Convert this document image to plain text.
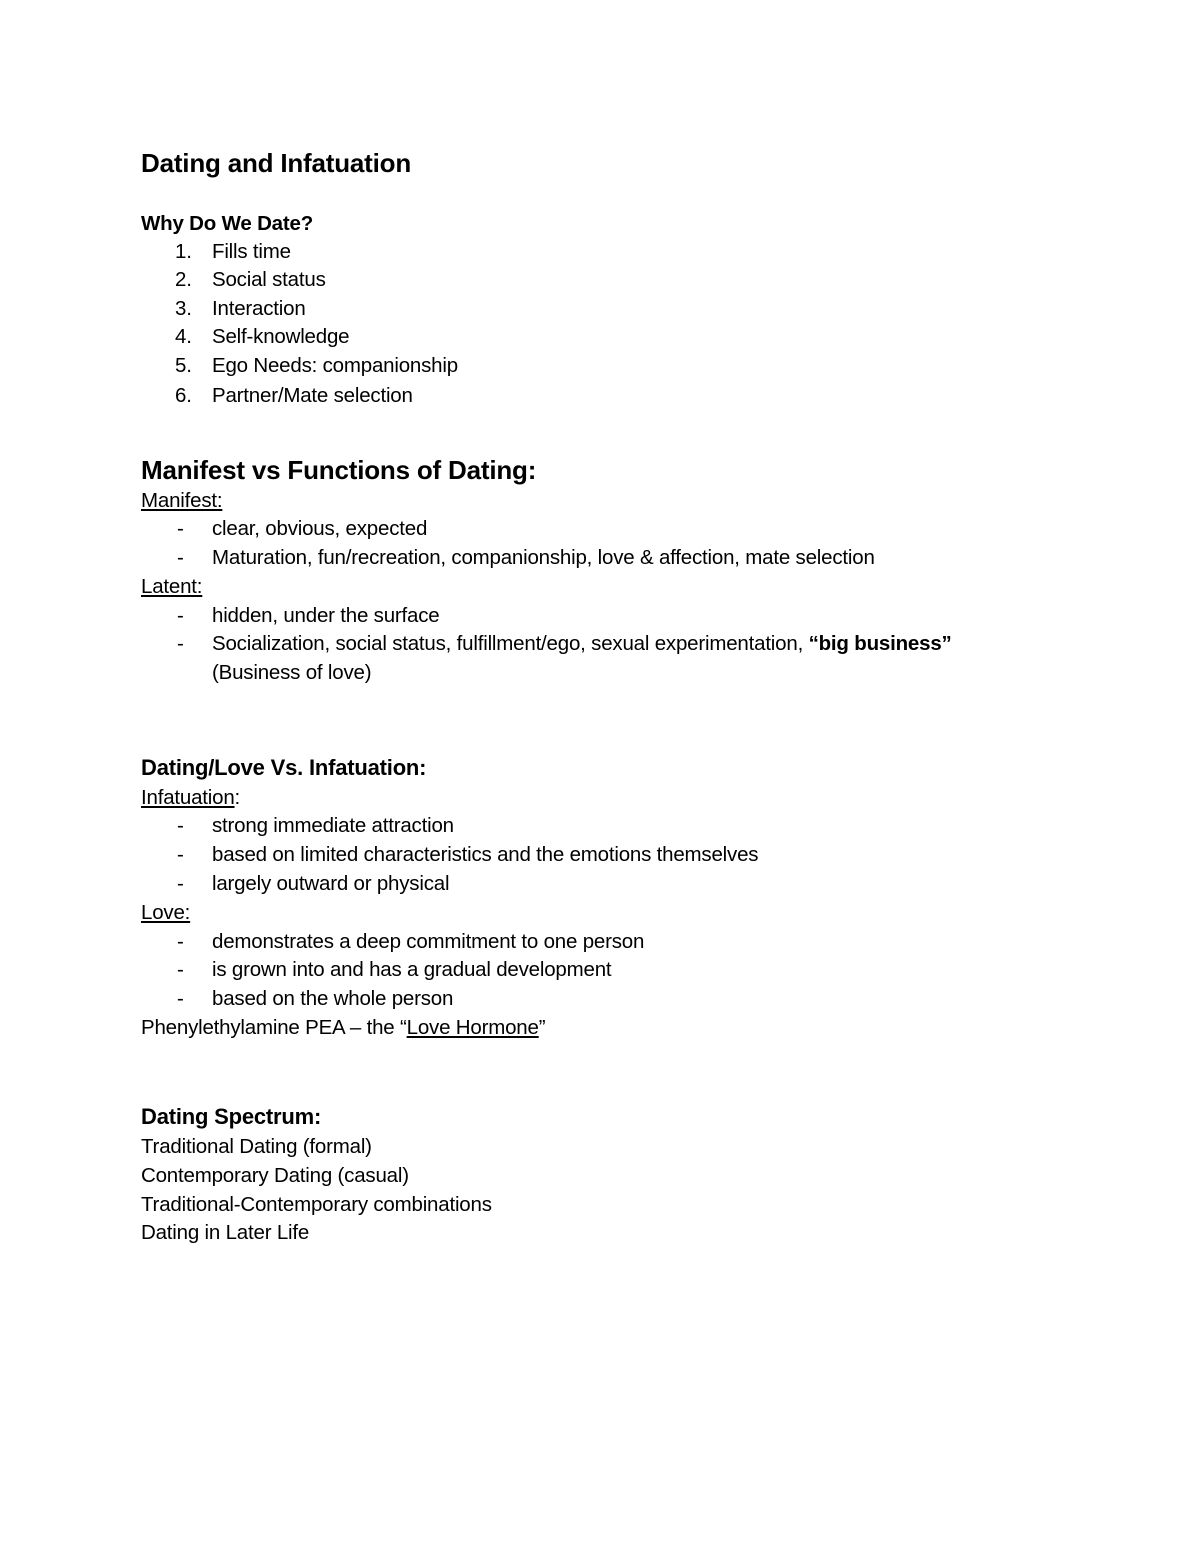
Dating and Infatuation
Why Do We Date?
1. Fills time
2. Social status
3. Interaction
4. Self-knowledge
5. Ego Needs: companionship
6. Partner/Mate selection
Manifest vs Functions of Dating:
Manifest:
- clear, obvious, expected
- Maturation, fun/recreation, companionship, love & affection, mate selection
Latent:
- hidden, under the surface
- Socialization, social status, fulfillment/ego, sexual experimentation, “big business”
(Business of love)
Dating/Love Vs. Infatuation:
Infatuation:
- strong immediate attraction
- based on limited characteristics and the emotions themselves
- largely outward or physical
Love:
- demonstrates a deep commitment to one person
- is grown into and has a gradual development
- based on the whole person
Phenylethylamine PEA – the “Love Hormone”
Dating Spectrum:
Traditional Dating (formal)
Contemporary Dating (casual)
Traditional-Contemporary combinations
Dating in Later Life
